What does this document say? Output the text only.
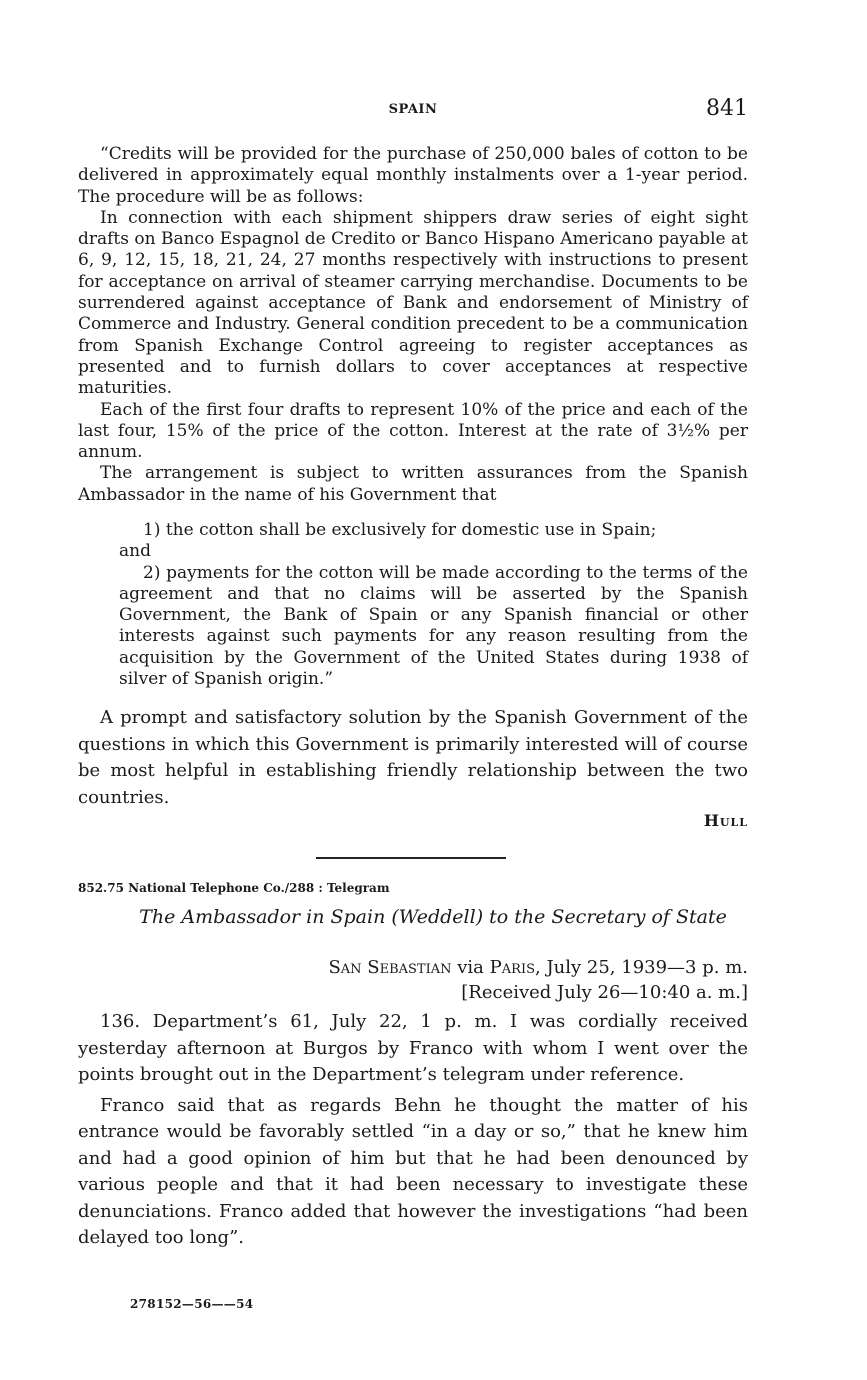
SPAIN	841

“Credits will be provided for the purchase of 250,000 bales of cotton to be delivered in approximately equal monthly instalments over a 1-year period. The procedure will be as follows:

In connection with each shipment shippers draw series of eight sight drafts on Banco Espagnol de Credito or Banco Hispano Americano payable at 6, 9, 12, 15, 18, 21, 24, 27 months respectively with instructions to present for acceptance on arrival of steamer carrying merchandise. Documents to be surrendered against acceptance of Bank and endorsement of Ministry of Commerce and Industry. General condition precedent to be a communication from Spanish Exchange Control agreeing to register acceptances as presented and to furnish dollars to cover acceptances at respective maturities.

Each of the first four drafts to represent 10% of the price and each of the last four, 15% of the price of the cotton. Interest at the rate of 3½% per annum.

The arrangement is subject to written assurances from the Spanish Ambassador in the name of his Government that

1) the cotton shall be exclusively for domestic use in Spain;

and

2) payments for the cotton will be made according to the terms of the agreement and that no claims will be asserted by the Spanish Government, the Bank of Spain or any Spanish financial or other interests against such payments for any reason resulting from the acquisition by the Government of the United States during 1938 of silver of Spanish origin.”

A prompt and satisfactory solution by the Spanish Government of the questions in which this Government is primarily interested will of course be most helpful in establishing friendly relationship between the two countries.

Hull
852.75 National Telephone Co./288 : Telegram
The Ambassador in Spain (Weddell) to the Secretary of State
San Sebastian via Paris, July 25, 1939—3 p. m.
[Received July 26—10:40 a. m.]

136. Department’s 61, July 22, 1 p. m. I was cordially received yesterday afternoon at Burgos by Franco with whom I went over the points brought out in the Department’s telegram under reference.

Franco said that as regards Behn he thought the matter of his entrance would be favorably settled “in a day or so,” that he knew him and had a good opinion of him but that he had been denounced by various people and that it had been necessary to investigate these denunciations. Franco added that however the investigations “had been delayed too long”.

278152—56——54
